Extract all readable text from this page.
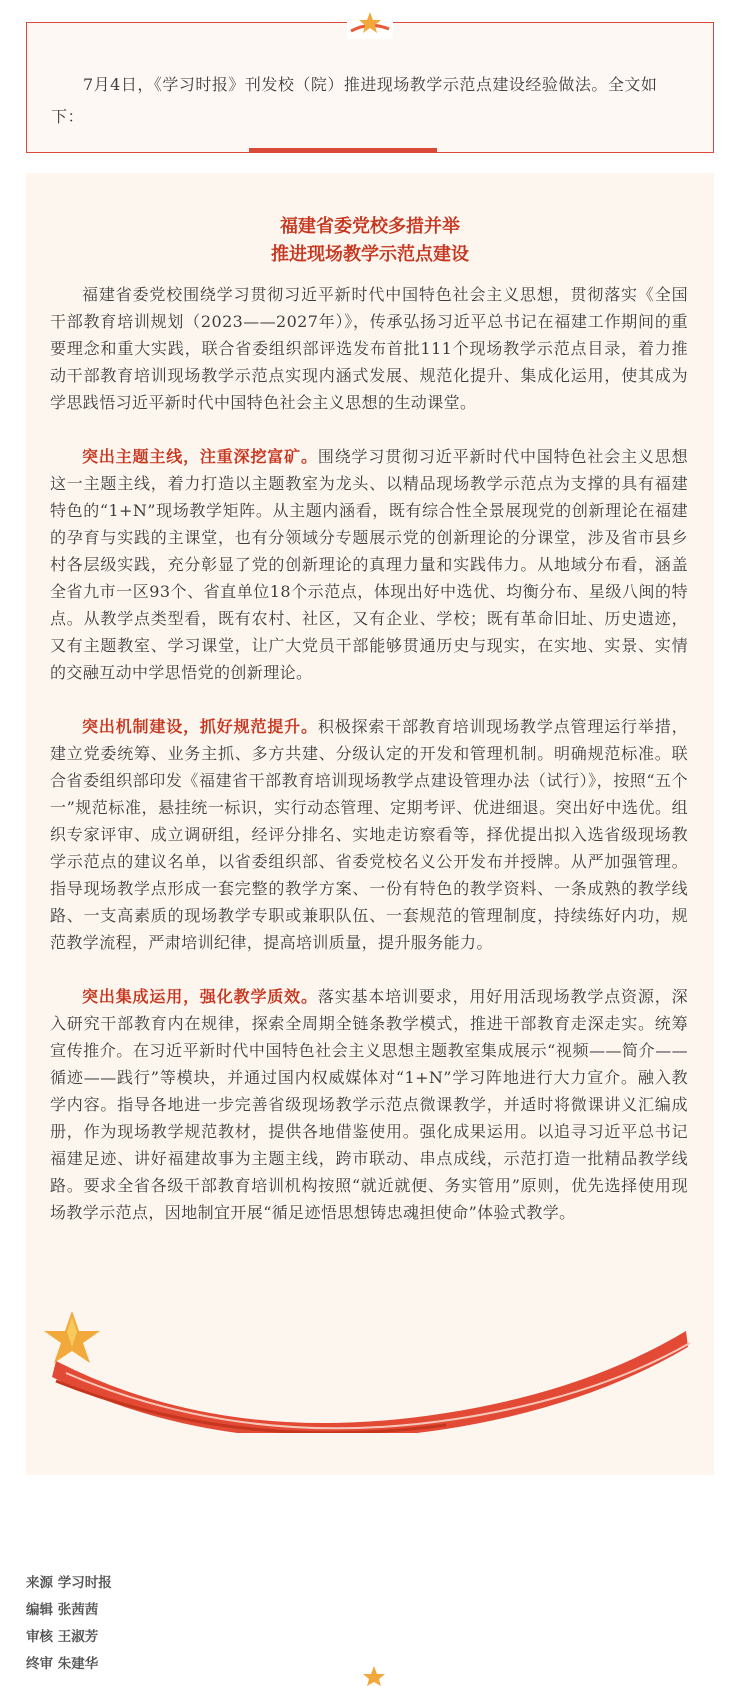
7月4日，《学习时报》刊发校（院）推进现场教学示范点建设经验做法。全文如下：

福建省委党校多措并举
推进现场教学示范点建设

福建省委党校围绕学习贯彻习近平新时代中国特色社会主义思想，贯彻落实《全国干部教育培训规划（2023——2027年）》，传承弘扬习近平总书记在福建工作期间的重要理念和重大实践，联合省委组织部评选发布首批111个现场教学示范点目录，着力推动干部教育培训现场教学示范点实现内涵式发展、规范化提升、集成化运用，使其成为学思践悟习近平新时代中国特色社会主义思想的生动课堂。

突出主题主线，注重深挖富矿。围绕学习贯彻习近平新时代中国特色社会主义思想这一主题主线，着力打造以主题教室为龙头、以精品现场教学示范点为支撑的具有福建特色的“1+N”现场教学矩阵。从主题内涵看，既有综合性全景展现党的创新理论在福建的孕育与实践的主课堂，也有分领域分专题展示党的创新理论的分课堂，涉及省市县乡村各层级实践，充分彰显了党的创新理论的真理力量和实践伟力。从地域分布看，涵盖全省九市一区93个、省直单位18个示范点，体现出好中选优、均衡分布、星级八闽的特点。从教学点类型看，既有农村、社区，又有企业、学校；既有革命旧址、历史遗迹，又有主题教室、学习课堂，让广大党员干部能够贯通历史与现实，在实地、实景、实情的交融互动中学思悟党的创新理论。

突出机制建设，抓好规范提升。积极探索干部教育培训现场教学点管理运行举措，建立党委统筹、业务主抓、多方共建、分级认定的开发和管理机制。明确规范标准。联合省委组织部印发《福建省干部教育培训现场教学点建设管理办法（试行）》，按照“五个一”规范标准，悬挂统一标识，实行动态管理、定期考评、优进细退。突出好中选优。组织专家评审、成立调研组，经评分排名、实地走访察看等，择优提出拟入选省级现场教学示范点的建议名单，以省委组织部、省委党校名义公开发布并授牌。从严加强管理。指导现场教学点形成一套完整的教学方案、一份有特色的教学资料、一条成熟的教学线路、一支高素质的现场教学专职或兼职队伍、一套规范的管理制度，持续练好内功，规范教学流程，严肃培训纪律，提高培训质量，提升服务能力。

突出集成运用，强化教学质效。落实基本培训要求，用好用活现场教学点资源，深入研究干部教育内在规律，探索全周期全链条教学模式，推进干部教育走深走实。统筹宣传推介。在习近平新时代中国特色社会主义思想主题教室集成展示“视频——简介——循迹——践行”等模块，并通过国内权威媒体对“1+N”学习阵地进行大力宣介。融入教学内容。指导各地进一步完善省级现场教学示范点微课教学，并适时将微课讲义汇编成册，作为现场教学规范教材，提供各地借鉴使用。强化成果运用。以追寻习近平总书记福建足迹、讲好福建故事为主题主线，跨市联动、串点成线，示范打造一批精品教学线路。要求全省各级干部教育培训机构按照“就近就便、务实管用”原则，优先选择使用现场教学示范点，因地制宜开展“循足迹悟思想铸忠魂担使命”体验式教学。

来源 学习时报
编辑 张茜茜
审核 王淑芳
终审 朱建华
